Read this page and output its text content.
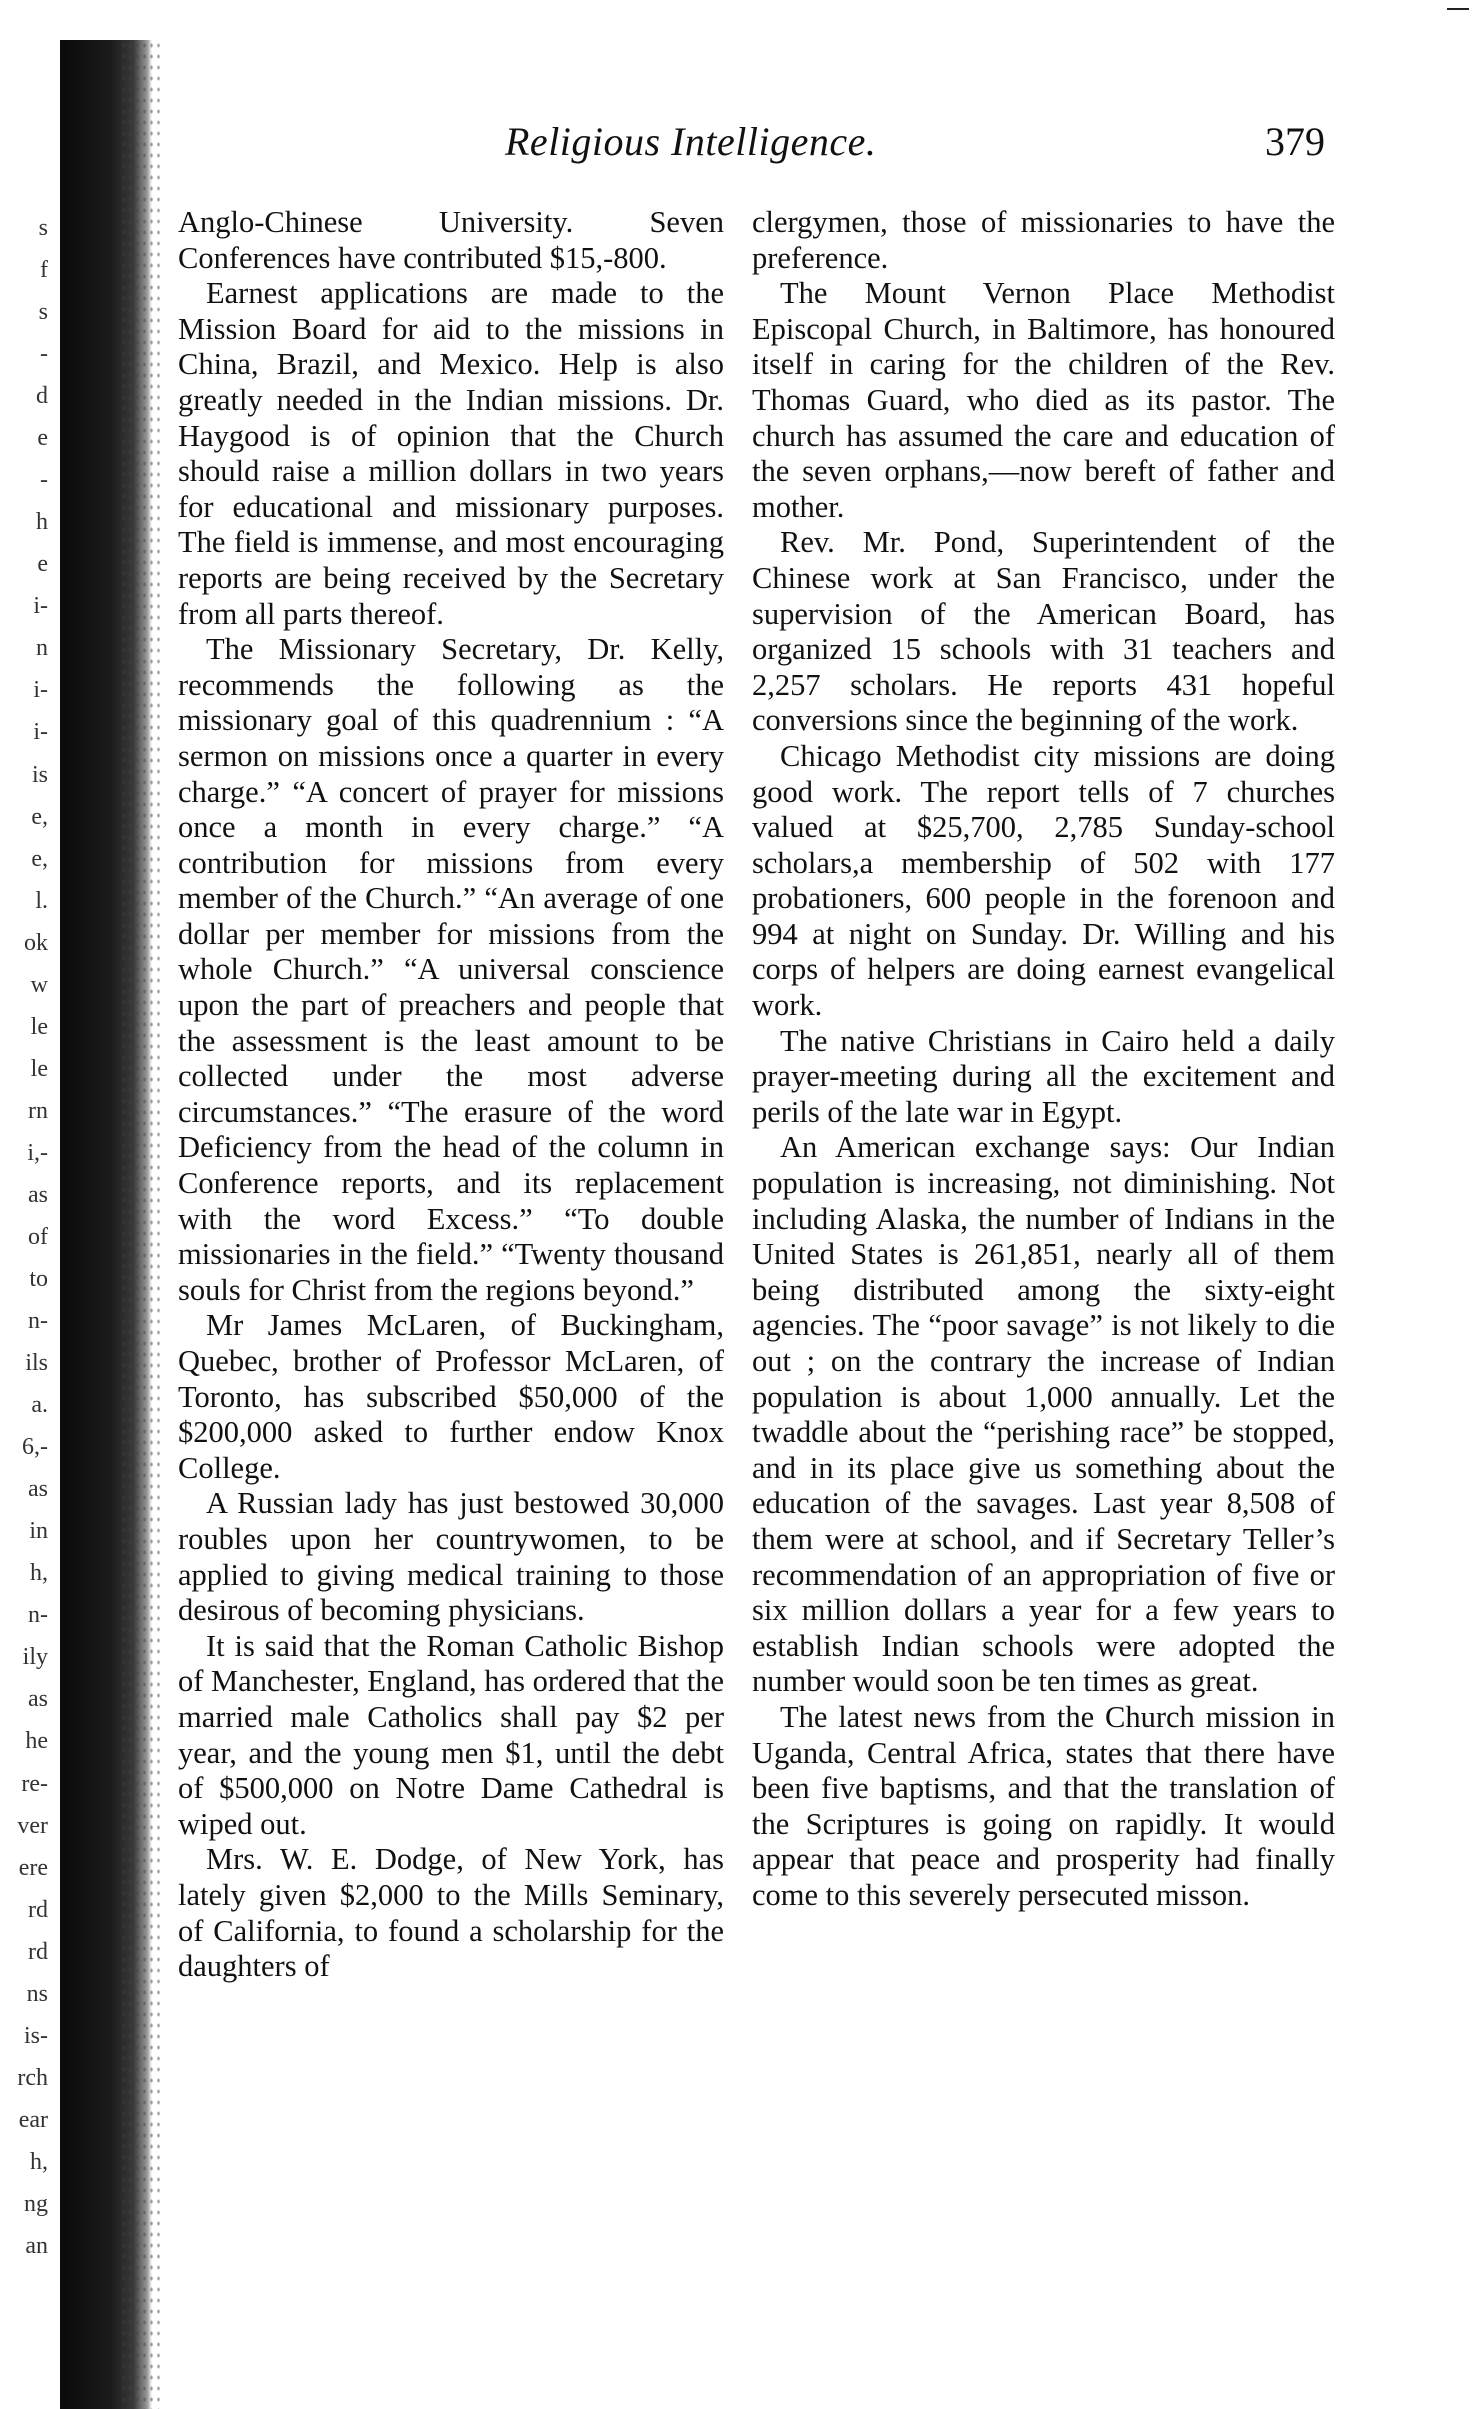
s
f
s
-
d
e
-
h
e
i-
n
i-
i-
is
e,
e,
l.
ok
w
le
le
rn
i,-
as
of
to
n-
ils
a.
6,-
as
in
h,
n-
ily
as
he
re-
ver
ere
rd
rd
ns
is-
rch
ear
h,
ng
an
Religious Intelligence.	379

Anglo-Chinese University. Seven Conferences have contributed $15,-800.

Earnest applications are made to the Mission Board for aid to the missions in China, Brazil, and Mexico. Help is also greatly needed in the Indian missions. Dr. Haygood is of opinion that the Church should raise a million dollars in two years for educational and missionary purposes. The field is immense, and most encouraging reports are being received by the Secretary from all parts thereof.

The Missionary Secretary, Dr. Kelly, recommends the following as the missionary goal of this quadrennium : “A sermon on missions once a quarter in every charge.” “A concert of prayer for missions once a month in every charge.” “A contribution for missions from every member of the Church.” “An average of one dollar per member for missions from the whole Church.” “A universal conscience upon the part of preachers and people that the assessment is the least amount to be collected under the most adverse circumstances.” “The erasure of the word Deficiency from the head of the column in Conference reports, and its replacement with the word Excess.” “To double missionaries in the field.” “Twenty thousand souls for Christ from the regions beyond.”

Mr James McLaren, of Buckingham, Quebec, brother of Professor McLaren, of Toronto, has subscribed $50,000 of the $200,000 asked to further endow Knox College.

A Russian lady has just bestowed 30,000 roubles upon her countrywomen, to be applied to giving medical training to those desirous of becoming physicians.

It is said that the Roman Catholic Bishop of Manchester, England, has ordered that the married male Catholics shall pay $2 per year, and the young men $1, until the debt of $500,000 on Notre Dame Cathedral is wiped out.

Mrs. W. E. Dodge, of New York, has lately given $2,000 to the Mills Seminary, of California, to found a scholarship for the daughters of

clergymen, those of missionaries to have the preference.

The Mount Vernon Place Methodist Episcopal Church, in Baltimore, has honoured itself in caring for the children of the Rev. Thomas Guard, who died as its pastor. The church has assumed the care and education of the seven orphans,—now bereft of father and mother.

Rev. Mr. Pond, Superintendent of the Chinese work at San Francisco, under the supervision of the American Board, has organized 15 schools with 31 teachers and 2,257 scholars. He reports 431 hopeful conversions since the beginning of the work.

Chicago Methodist city missions are doing good work. The report tells of 7 churches valued at $25,700, 2,785 Sunday-school scholars,a membership of 502 with 177 probationers, 600 people in the forenoon and 994 at night on Sunday. Dr. Willing and his corps of helpers are doing earnest evangelical work.

The native Christians in Cairo held a daily prayer-meeting during all the excitement and perils of the late war in Egypt.

An American exchange says: Our Indian population is increasing, not diminishing. Not including Alaska, the number of Indians in the United States is 261,851, nearly all of them being distributed among the sixty-eight agencies. The “poor savage” is not likely to die out ; on the contrary the increase of Indian population is about 1,000 annually. Let the twaddle about the “perishing race” be stopped, and in its place give us something about the education of the savages. Last year 8,508 of them were at school, and if Secretary Teller’s recommendation of an appropriation of five or six million dollars a year for a few years to establish Indian schools were adopted the number would soon be ten times as great.

The latest news from the Church mission in Uganda, Central Africa, states that there have been five baptisms, and that the translation of the Scriptures is going on rapidly. It would appear that peace and prosperity had finally come to this severely persecuted misson.
